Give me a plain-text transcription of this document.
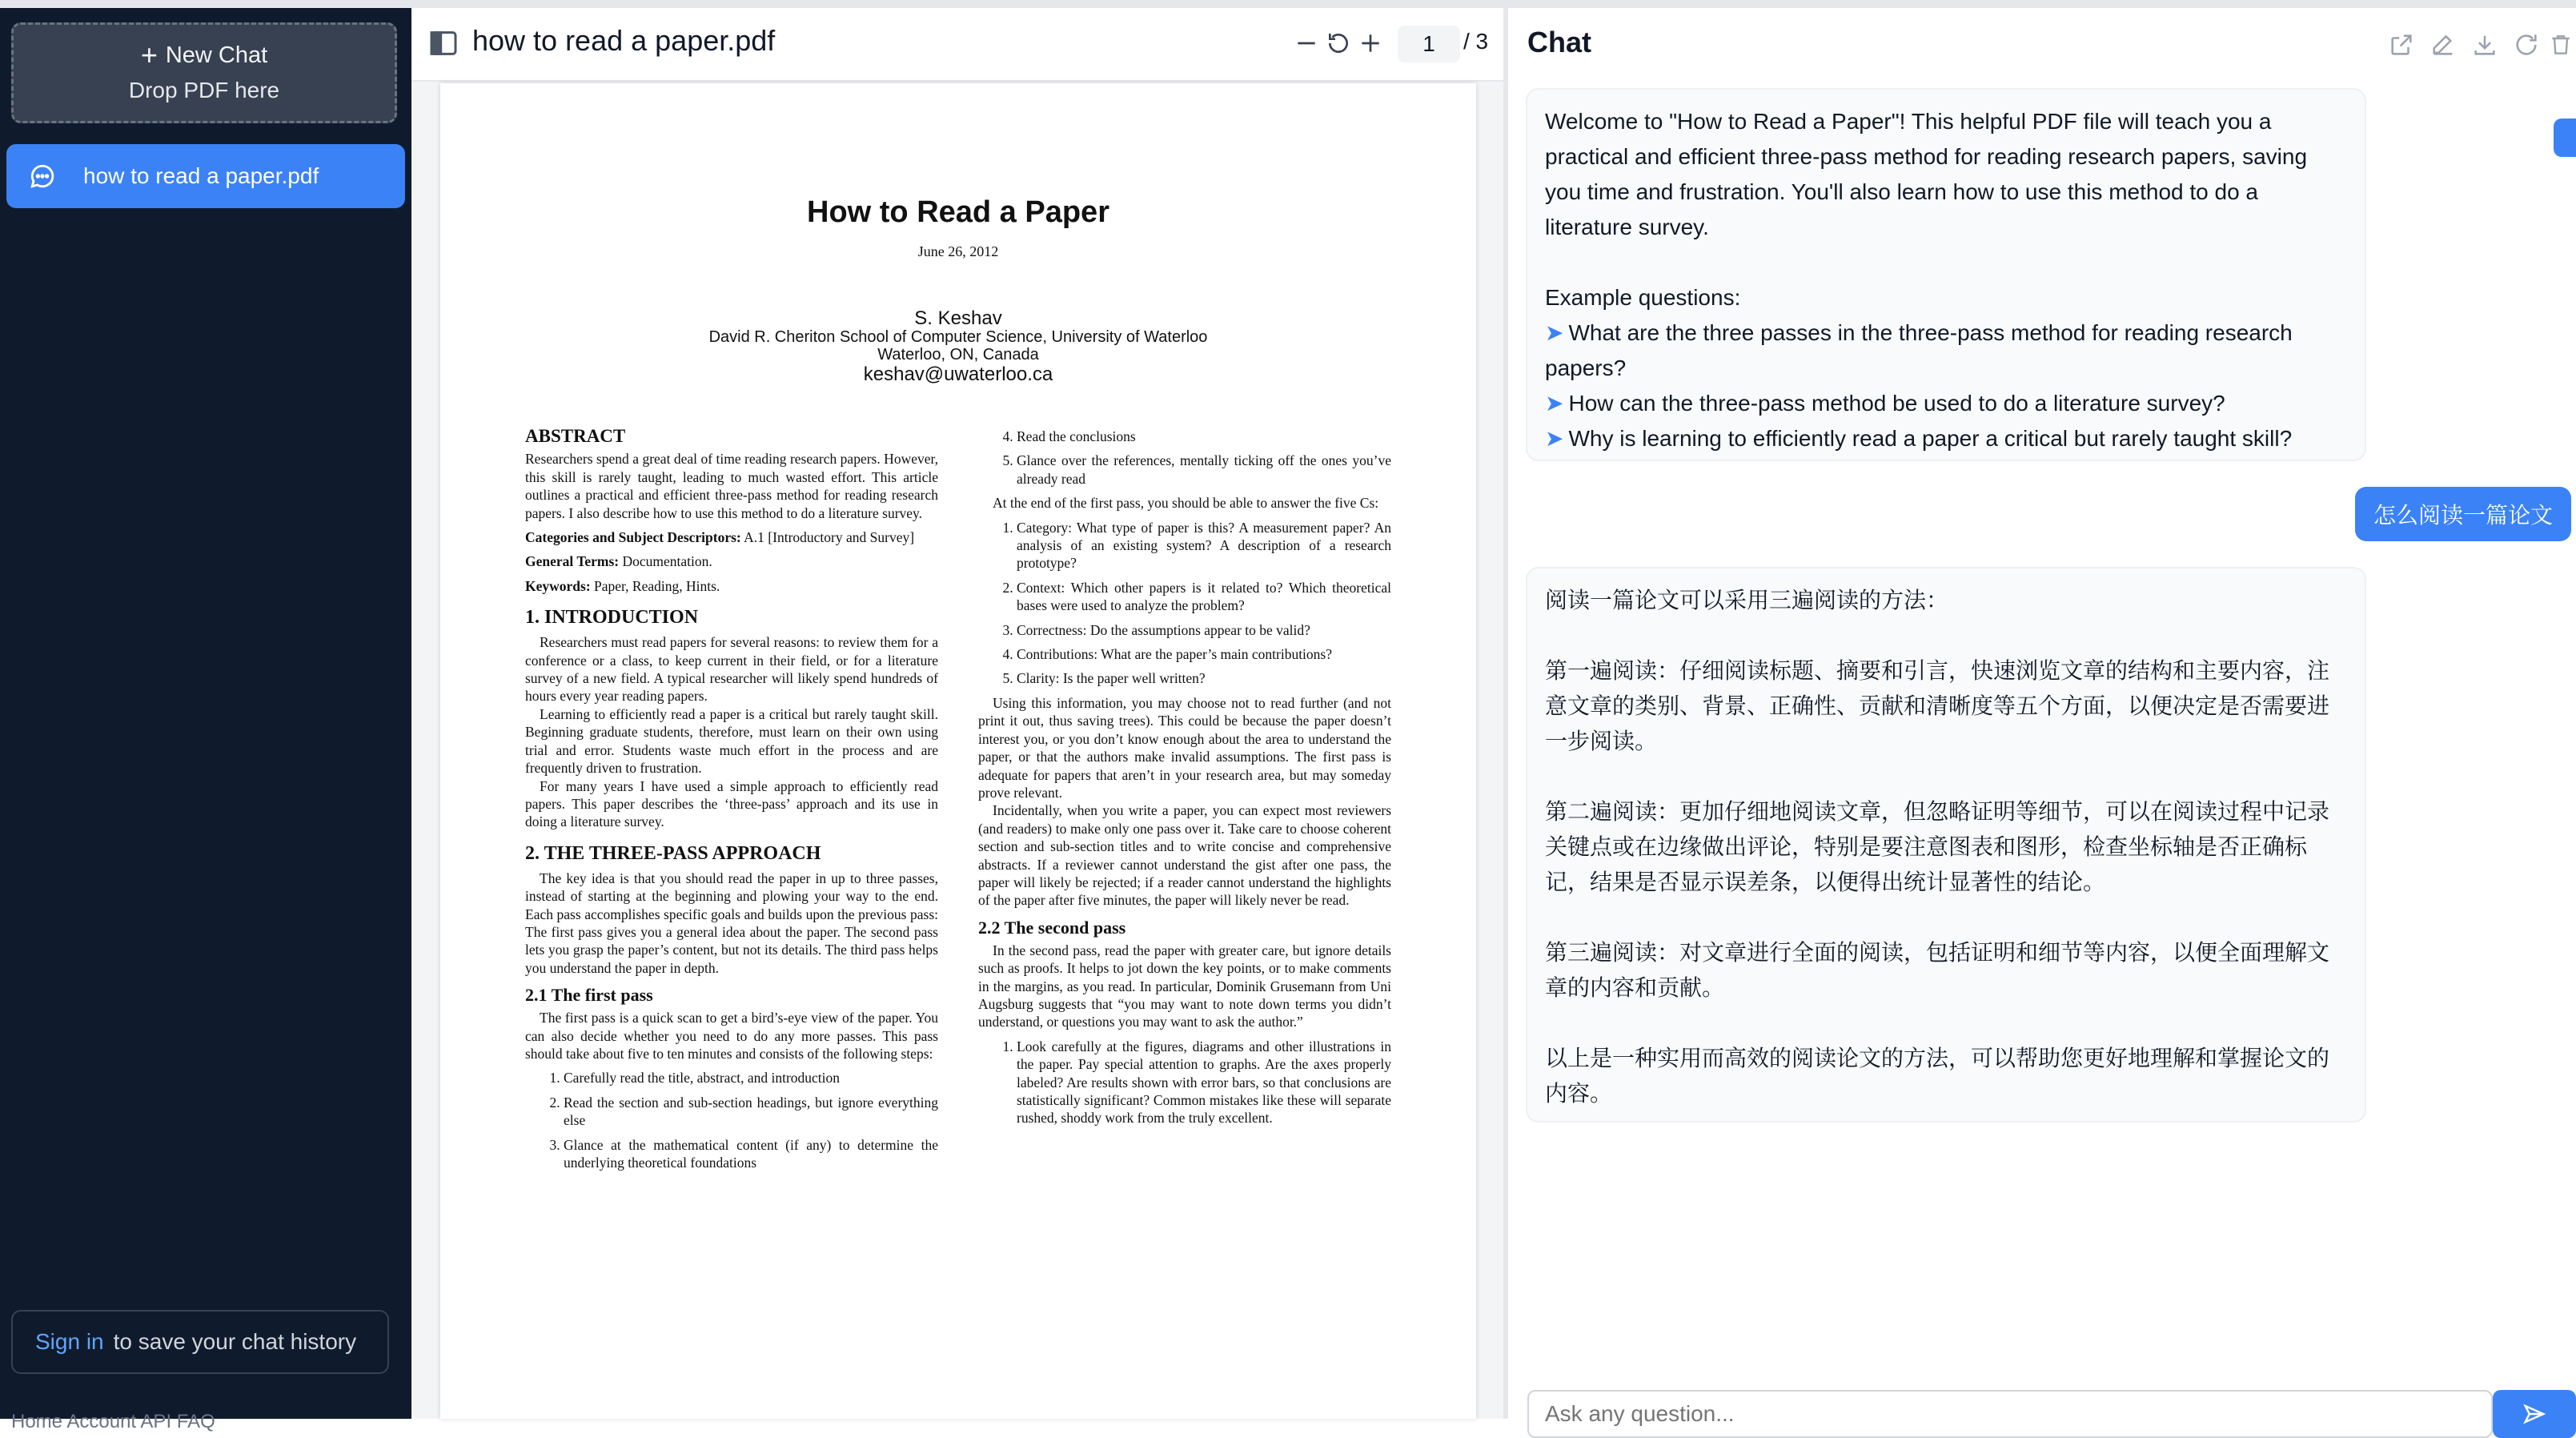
+ New Chat
Drop PDF here
how to read a paper.pdf
Sign in to save your chat history
Home Account API FAQ
how to read a paper.pdf
1	/ 3
How to Read a Paper
June 26, 2012
S. Keshav
David R. Cheriton School of Computer Science, University of Waterloo
Waterloo, ON, Canada
keshav@uwaterloo.ca
ABSTRACT

Researchers spend a great deal of time reading research papers. However, this skill is rarely taught, leading to much wasted effort. This article outlines a practical and efficient three-pass method for reading research papers. I also describe how to use this method to do a literature survey.

Categories and Subject Descriptors: A.1 [Introductory and Survey]

General Terms: Documentation.

Keywords: Paper, Reading, Hints.

1. INTRODUCTION

Researchers must read papers for several reasons: to review them for a conference or a class, to keep current in their field, or for a literature survey of a new field. A typical researcher will likely spend hundreds of hours every year reading papers.

Learning to efficiently read a paper is a critical but rarely taught skill. Beginning graduate students, therefore, must learn on their own using trial and error. Students waste much effort in the process and are frequently driven to frustration.

For many years I have used a simple approach to efficiently read papers. This paper describes the ‘three-pass’ approach and its use in doing a literature survey.

2. THE THREE-PASS APPROACH

The key idea is that you should read the paper in up to three passes, instead of starting at the beginning and plowing your way to the end. Each pass accomplishes specific goals and builds upon the previous pass: The first pass gives you a general idea about the paper. The second pass lets you grasp the paper’s content, but not its details. The third pass helps you understand the paper in depth.

2.1 The first pass

The first pass is a quick scan to get a bird’s-eye view of the paper. You can also decide whether you need to do any more passes. This pass should take about five to ten minutes and consists of the following steps:

1. Carefully read the title, abstract, and introduction
2. Read the section and sub-section headings, but ignore everything else
3. Glance at the mathematical content (if any) to determine the underlying theoretical foundations
4. Read the conclusions
5. Glance over the references, mentally ticking off the ones you’ve already read

At the end of the first pass, you should be able to answer the five Cs:

1. Category: What type of paper is this? A measurement paper? An analysis of an existing system? A description of a research prototype?
2. Context: Which other papers is it related to? Which theoretical bases were used to analyze the problem?
3. Correctness: Do the assumptions appear to be valid?
4. Contributions: What are the paper’s main contributions?
5. Clarity: Is the paper well written?

Using this information, you may choose not to read further (and not print it out, thus saving trees). This could be because the paper doesn’t interest you, or you don’t know enough about the area to understand the paper, or that the authors make invalid assumptions. The first pass is adequate for papers that aren’t in your research area, but may someday prove relevant.

Incidentally, when you write a paper, you can expect most reviewers (and readers) to make only one pass over it. Take care to choose coherent section and sub-section titles and to write concise and comprehensive abstracts. If a reviewer cannot understand the gist after one pass, the paper will likely be rejected; if a reader cannot understand the highlights of the paper after five minutes, the paper will likely never be read.

2.2 The second pass

In the second pass, read the paper with greater care, but ignore details such as proofs. It helps to jot down the key points, or to make comments in the margins, as you read. In particular, Dominik Grusemann from Uni Augsburg suggests that “you may want to note down terms you didn’t understand, or questions you may want to ask the author.”

1. Look carefully at the figures, diagrams and other illustrations in the paper. Pay special attention to graphs. Are the axes properly labeled? Are results shown with error bars, so that conclusions are statistically significant? Common mistakes like these will separate rushed, shoddy work from the truly excellent.
Chat

Welcome to "How to Read a Paper"! This helpful PDF file will teach you a practical and efficient three-pass method for reading research papers, saving you time and frustration. You'll also learn how to use this method to do a literature survey.

Example questions:

➤ What are the three passes in the three-pass method for reading research papers?
➤ How can the three-pass method be used to do a literature survey?
➤ Why is learning to efficiently read a paper a critical but rarely taught skill?
怎么阅读一篇论文

阅读一篇论文可以采用三遍阅读的方法：

第一遍阅读：仔细阅读标题、摘要和引言，快速浏览文章的结构和主要内容，注意文章的类别、背景、正确性、贡献和清晰度等五个方面，以便决定是否需要进一步阅读。

第二遍阅读：更加仔细地阅读文章，但忽略证明等细节，可以在阅读过程中记录关键点或在边缘做出评论，特别是要注意图表和图形，检查坐标轴是否正确标记，结果是否显示误差条，以便得出统计显著性的结论。

第三遍阅读：对文章进行全面的阅读，包括证明和细节等内容，以便全面理解文章的内容和贡献。

以上是一种实用而高效的阅读论文的方法，可以帮助您更好地理解和掌握论文的内容。

Ask any question...
